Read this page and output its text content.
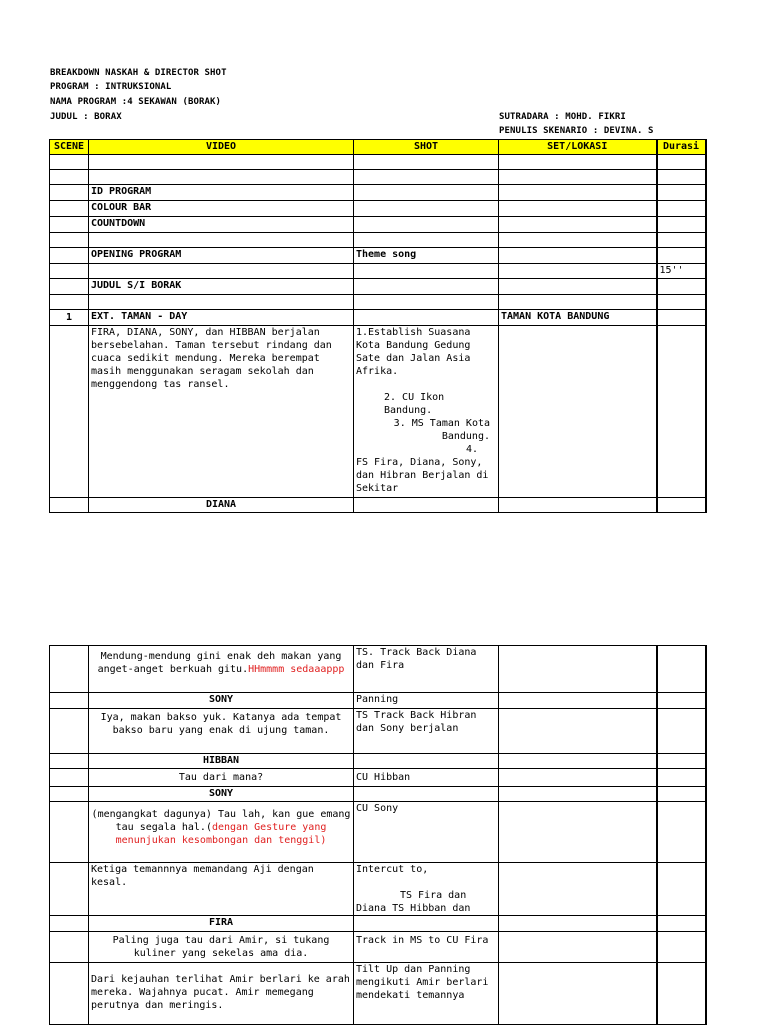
BREAKDOWN NASKAH & DIRECTOR SHOT
PROGRAM : INTRUKSIONAL
NAMA PROGRAM :4 SEKAWAN (BORAK)
JUDUL : BORAX	SUTRADARA : MOHD. FIKRI
PENULIS SKENARIO : DEVINA. S
SCENE	VIDEO	SHOT	SET/LOKASI	Durasi

	ID PROGRAM			
	COLOUR BAR			
	COUNTDOWN			

	OPENING PROGRAM	Theme song		
				15''
	JUDUL S/I BORAK			

1	EXT. TAMAN - DAY		TAMAN KOTA BANDUNG	
	FIRA, DIANA, SONY, dan HIBBAN berjalan bersebelahan. Taman tersebut rindang dan cuaca sedikit mendung. Mereka berempat masih menggunakan seragam sekolah dan menggendong tas ransel.	1.Establish Suasana Kota Bandung Gedung Sate dan Jalan Asia Afrika.
2. CU Ikon Bandung.
3. MS Taman Kota Bandung.
4.
FS Fira, Diana, Sony, dan Hibran Berjalan di Sekitar		

	DIANA			
	Mendung-mendung gini enak deh makan yang anget-anget berkuah gitu.HHmmmm sedaaappp	TS. Track Back Diana dan Fira		
	SONY	Panning		
	Iya, makan bakso yuk. Katanya ada tempat bakso baru yang enak di ujung taman.	TS Track Back Hibran dan Sony berjalan		
	HIBBAN			
	Tau dari mana?	CU Hibban		
	SONY			
	(mengangkat dagunya) Tau lah, kan gue emang tau segala hal.(dengan Gesture yang menunjukan kesombongan dan tenggil)	CU Sony		
	Ketiga temannnya memandang Aji dengan kesal.	Intercut to,
TS Fira dan Diana TS Hibban dan		

	FIRA			
	Paling juga tau dari Amir, si tukang kuliner yang sekelas ama dia.	Track in MS to CU Fira		
	Dari kejauhan terlihat Amir berlari ke arah mereka. Wajahnya pucat. Amir memegang perutnya dan meringis.	Tilt Up dan Panning mengikuti Amir berlari mendekati temannya		
